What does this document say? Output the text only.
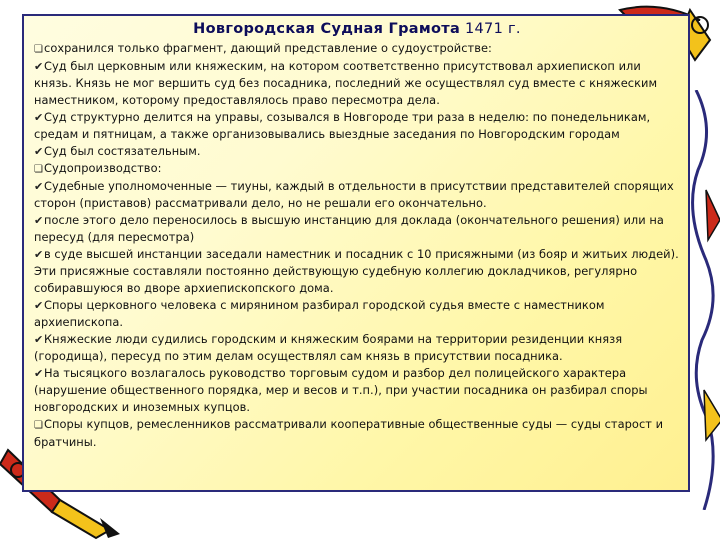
Новгородская Судная Грамота 1471 г.
❏сохранился только фрагмент, дающий представление о судоустройстве:
✔Суд был церковным или княжеским, на котором соответственно присутствовал архиепископ или князь. Князь не мог вершить суд без посадника, последний же осуществлял суд вместе с княжеским наместником, которому предоставлялось право пересмотра дела.
✔Суд структурно делится на управы, созывался в Новгороде три раза в неделю: по понедельникам, средам и пятницам, а также организовывались выездные заседания по Новгородским городам
✔Суд был состязательным.
❏Судопроизводство:
✔Судебные уполномоченные — тиуны, каждый в отдельности в присутствии представителей спорящих сторон (приставов) рассматривали дело, но не решали его окончательно.
✔после этого дело переносилось в высшую инстанцию для доклада (окончательного решения) или на пересуд (для пересмотра)
✔в суде высшей инстанции заседали наместник и посадник с 10 присяжными (из бояр и житьих людей). Эти присяжные составляли постоянно действующую судебную коллегию докладчиков, регулярно собиравшуюся во дворе архиепископского дома.
✔Споры церковного человека с мирянином разбирал городской судья вместе с наместником архиепископа.
✔Княжеские люди судились городским и княжеским боярами на территории резиденции князя (городища), пересуд по этим делам осуществлял сам князь в присутствии посадника.
✔На тысяцкого возлагалось руководство торговым судом и разбор дел полицейского характера (нарушение общественного порядка, мер и весов и т.п.), при участии посадника он разбирал споры новгородских и иноземных купцов.
❏Споры купцов, ремесленников рассматривали кооперативные общественные суды — суды старост и братчины.
